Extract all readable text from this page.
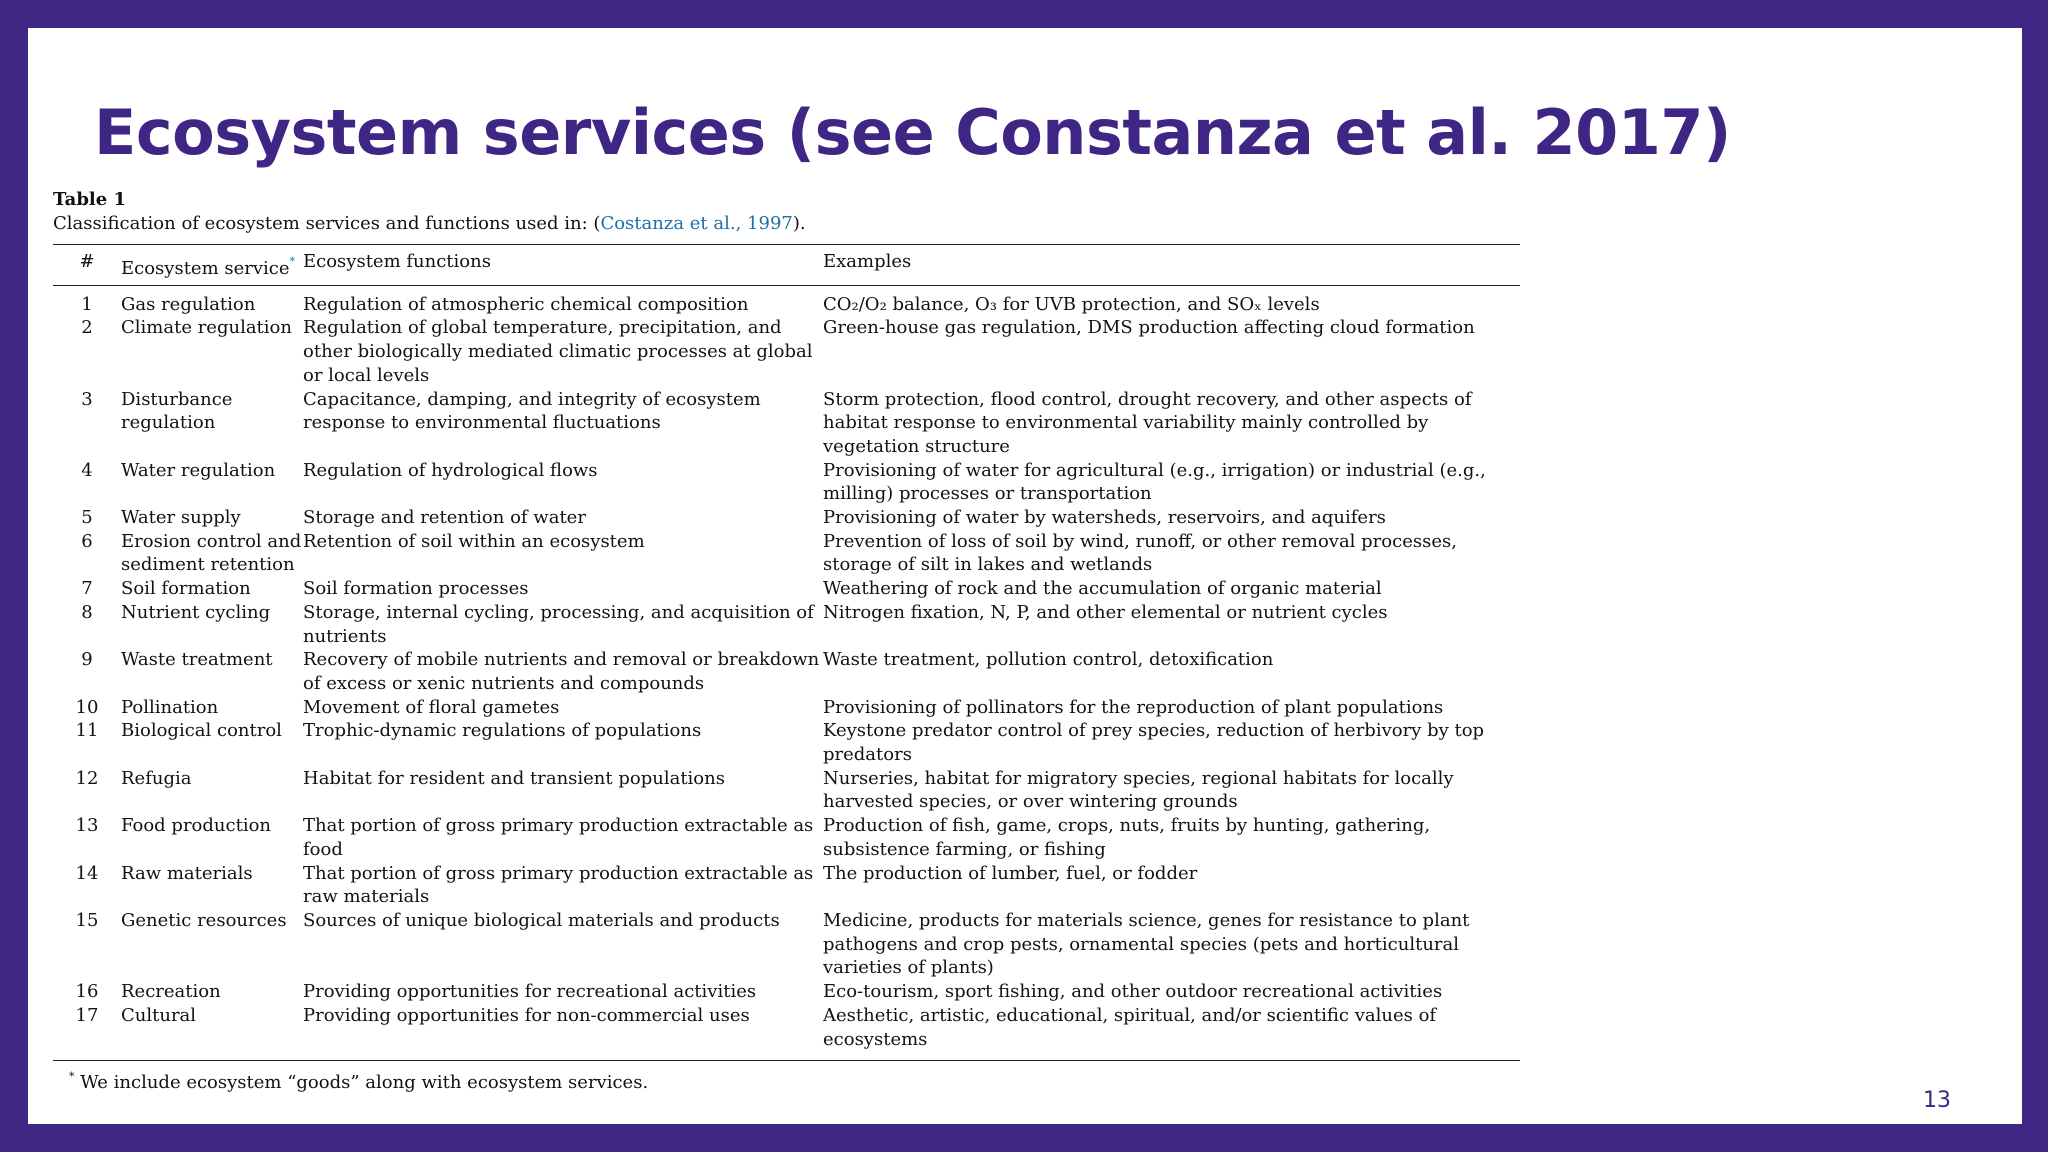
Ecosystem services (see Constanza et al. 2017)
Table 1
Classification of ecosystem services and functions used in: (Costanza et al., 1997).
#	Ecosystem service*	Ecosystem functions	Examples
1	Gas regulation	Regulation of atmospheric chemical composition	CO₂/O₂ balance, O₃ for UVB protection, and SOₓ levels
2	Climate regulation	Regulation of global temperature, precipitation, and other biologically mediated climatic processes at global or local levels	Green-house gas regulation, DMS production affecting cloud formation
3	Disturbance regulation	Capacitance, damping, and integrity of ecosystem response to environmental fluctuations	Storm protection, flood control, drought recovery, and other aspects of habitat response to environmental variability mainly controlled by vegetation structure
4	Water regulation	Regulation of hydrological flows	Provisioning of water for agricultural (e.g., irrigation) or industrial (e.g., milling) processes or transportation
5	Water supply	Storage and retention of water	Provisioning of water by watersheds, reservoirs, and aquifers
6	Erosion control and sediment retention	Retention of soil within an ecosystem	Prevention of loss of soil by wind, runoff, or other removal processes, storage of silt in lakes and wetlands
7	Soil formation	Soil formation processes	Weathering of rock and the accumulation of organic material
8	Nutrient cycling	Storage, internal cycling, processing, and acquisition of nutrients	Nitrogen fixation, N, P, and other elemental or nutrient cycles
9	Waste treatment	Recovery of mobile nutrients and removal or breakdown of excess or xenic nutrients and compounds	Waste treatment, pollution control, detoxification
10	Pollination	Movement of floral gametes	Provisioning of pollinators for the reproduction of plant populations
11	Biological control	Trophic-dynamic regulations of populations	Keystone predator control of prey species, reduction of herbivory by top predators
12	Refugia	Habitat for resident and transient populations	Nurseries, habitat for migratory species, regional habitats for locally harvested species, or over wintering grounds
13	Food production	That portion of gross primary production extractable as food	Production of fish, game, crops, nuts, fruits by hunting, gathering, subsistence farming, or fishing
14	Raw materials	That portion of gross primary production extractable as raw materials	The production of lumber, fuel, or fodder
15	Genetic resources	Sources of unique biological materials and products	Medicine, products for materials science, genes for resistance to plant pathogens and crop pests, ornamental species (pets and horticultural varieties of plants)
16	Recreation	Providing opportunities for recreational activities	Eco-tourism, sport fishing, and other outdoor recreational activities
17	Cultural	Providing opportunities for non-commercial uses	Aesthetic, artistic, educational, spiritual, and/or scientific values of ecosystems
* We include ecosystem “goods” along with ecosystem services.
13
